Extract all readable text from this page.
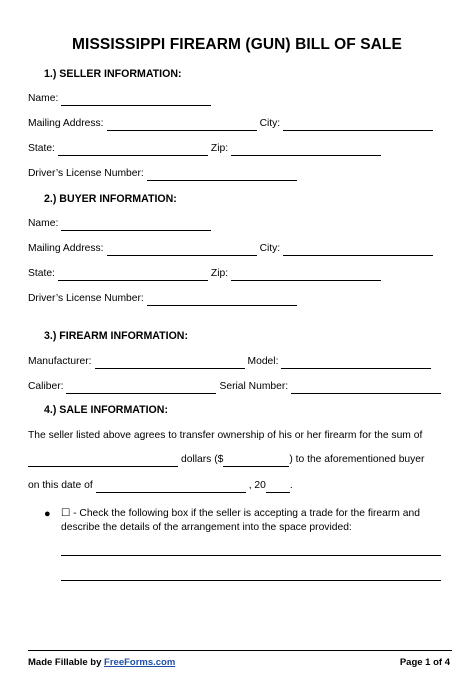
MISSISSIPPI FIREARM (GUN) BILL OF SALE
1.) SELLER INFORMATION:
Name:
Mailing Address:	City:
State:	Zip:
Driver’s License Number:
2.) BUYER INFORMATION:
Name:
Mailing Address:	City:
State:	Zip:
Driver’s License Number:
3.) FIREARM INFORMATION:
Manufacturer:	Model:
Caliber:	Serial Number:
4.) SALE INFORMATION:
The seller listed above agrees to transfer ownership of his or her firearm for the sum of
dollars ($	) to the aforementioned buyer
on this date of	, 20 .
● ☐ - Check the following box if the seller is accepting a trade for the firearm and
describe the details of the arrangement into the space provided:
Made Fillable by FreeForms.com	Page 1 of 4
